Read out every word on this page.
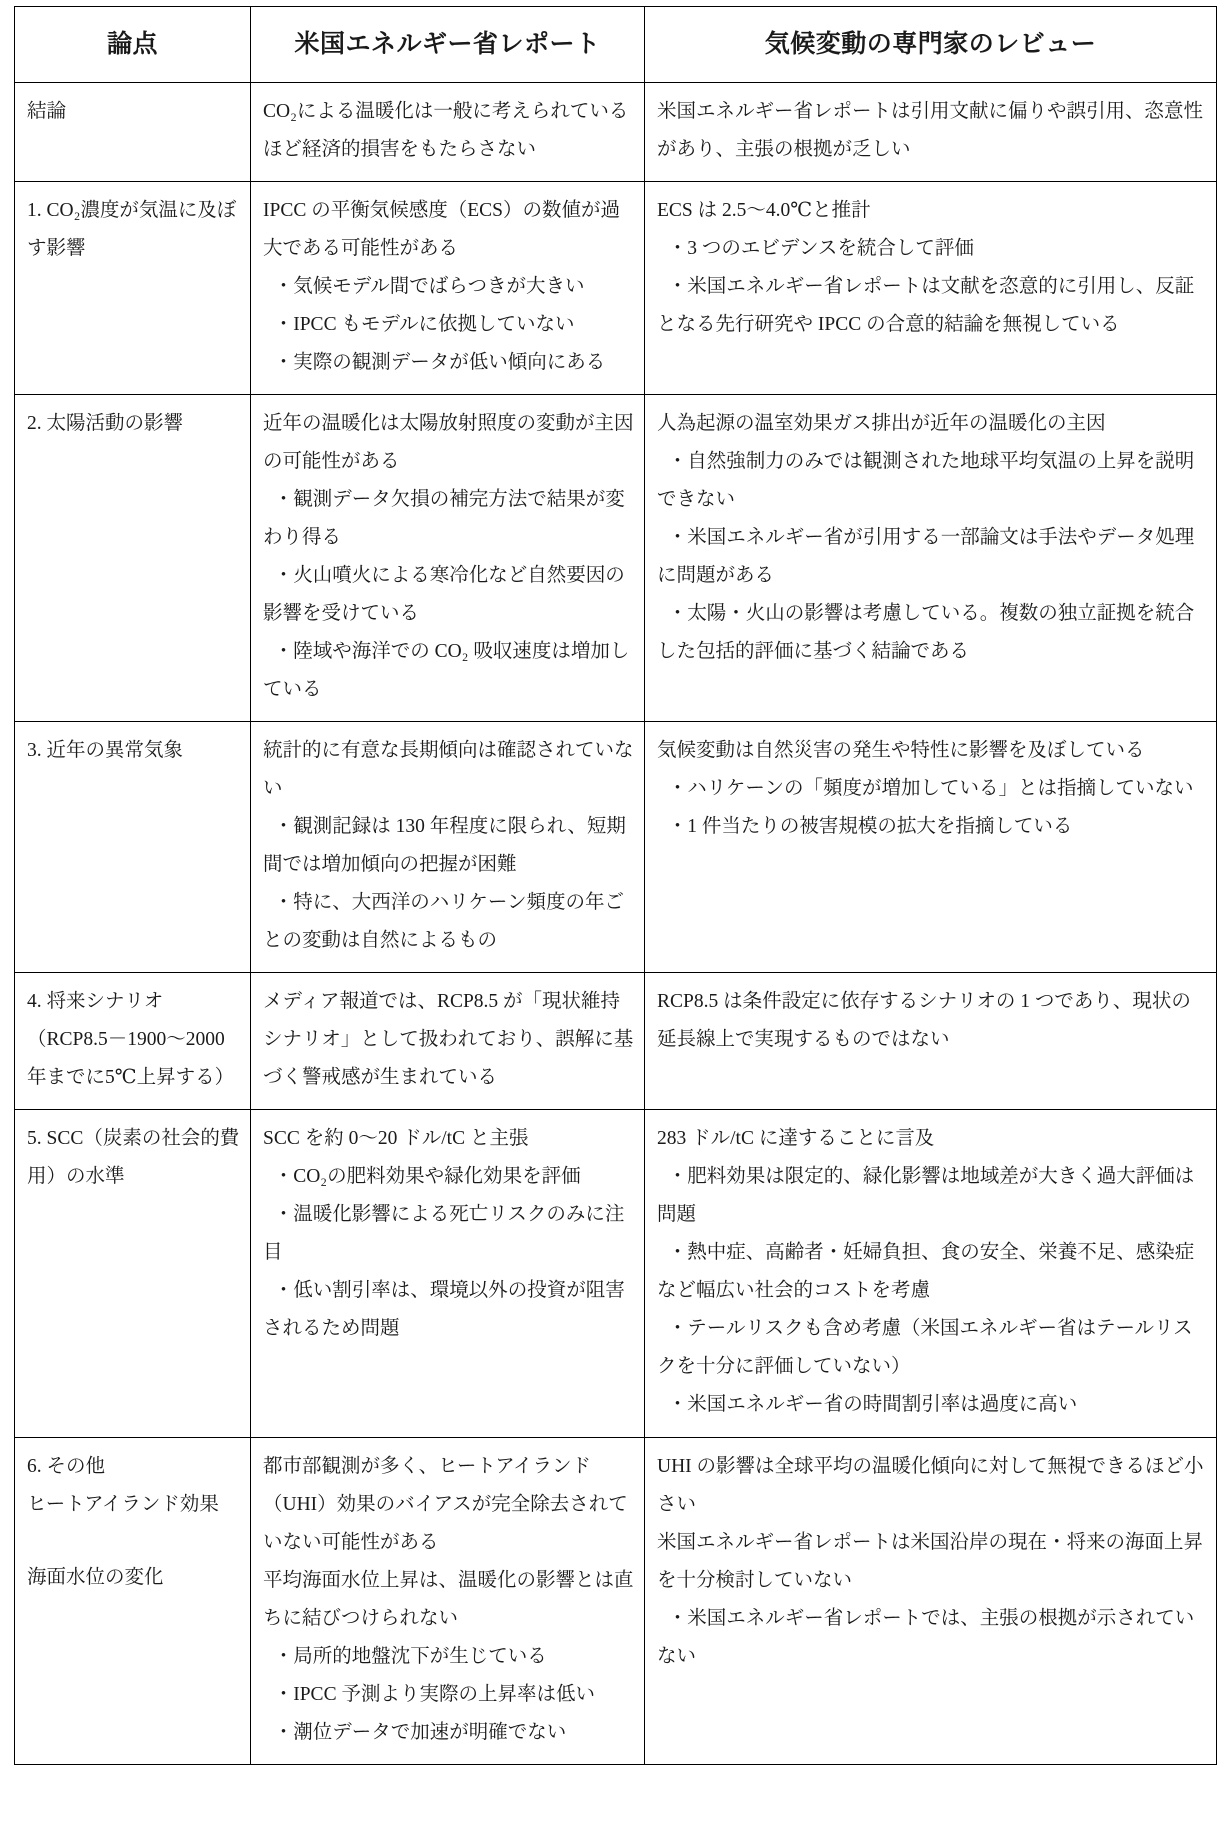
論点	米国エネルギー省レポート	気候変動の専門家のレビュー

結論	CO₂による温暖化は一般に考えられているほど経済的損害をもたらさない	米国エネルギー省レポートは引用文献に偏りや誤引用、恣意性があり、主張の根拠が乏しい

1. CO₂濃度が気温に及ぼす影響	IPCC の平衡気候感度（ECS）の数値が過大である可能性がある
・気候モデル間でばらつきが大きい
・IPCC もモデルに依拠していない
・実際の観測データが低い傾向にある	ECS は 2.5〜4.0℃と推計
・3 つのエビデンスを統合して評価
・米国エネルギー省レポートは文献を恣意的に引用し、反証となる先行研究や IPCC の合意的結論を無視している

2. 太陽活動の影響	近年の温暖化は太陽放射照度の変動が主因の可能性がある
・観測データ欠損の補完方法で結果が変わり得る
・火山噴火による寒冷化など自然要因の影響を受けている
・陸域や海洋での CO₂ 吸収速度は増加している	人為起源の温室効果ガス排出が近年の温暖化の主因
・自然強制力のみでは観測された地球平均気温の上昇を説明できない
・米国エネルギー省が引用する一部論文は手法やデータ処理に問題がある
・太陽・火山の影響は考慮している。複数の独立証拠を統合した包括的評価に基づく結論である

3. 近年の異常気象	統計的に有意な長期傾向は確認されていない
・観測記録は 130 年程度に限られ、短期間では増加傾向の把握が困難
・特に、大西洋のハリケーン頻度の年ごとの変動は自然によるもの	気候変動は自然災害の発生や特性に影響を及ぼしている
・ハリケーンの「頻度が増加している」とは指摘していない
・1 件当たりの被害規模の拡大を指摘している

4. 将来シナリオ（RCP8.5－1900〜2000 年までに5℃上昇する）	メディア報道では、RCP8.5 が「現状維持シナリオ」として扱われており、誤解に基づく警戒感が生まれている	RCP8.5 は条件設定に依存するシナリオの 1 つであり、現状の延長線上で実現するものではない

5. SCC（炭素の社会的費用）の水準	SCC を約 0〜20 ドル/tC と主張
・CO₂の肥料効果や緑化効果を評価
・温暖化影響による死亡リスクのみに注目
・低い割引率は、環境以外の投資が阻害されるため問題	283 ドル/tC に達することに言及
・肥料効果は限定的、緑化影響は地域差が大きく過大評価は問題
・熱中症、高齢者・妊婦負担、食の安全、栄養不足、感染症など幅広い社会的コストを考慮
・テールリスクも含め考慮（米国エネルギー省はテールリスクを十分に評価していない）
・米国エネルギー省の時間割引率は過度に高い

6. その他
ヒートアイランド効果
海面水位の変化	都市部観測が多く、ヒートアイランド（UHI）効果のバイアスが完全除去されていない可能性がある
平均海面水位上昇は、温暖化の影響とは直ちに結びつけられない
・局所的地盤沈下が生じている
・IPCC 予測より実際の上昇率は低い
・潮位データで加速が明確でない	UHI の影響は全球平均の温暖化傾向に対して無視できるほど小さい
米国エネルギー省レポートは米国沿岸の現在・将来の海面上昇を十分検討していない
・米国エネルギー省レポートでは、主張の根拠が示されていない
